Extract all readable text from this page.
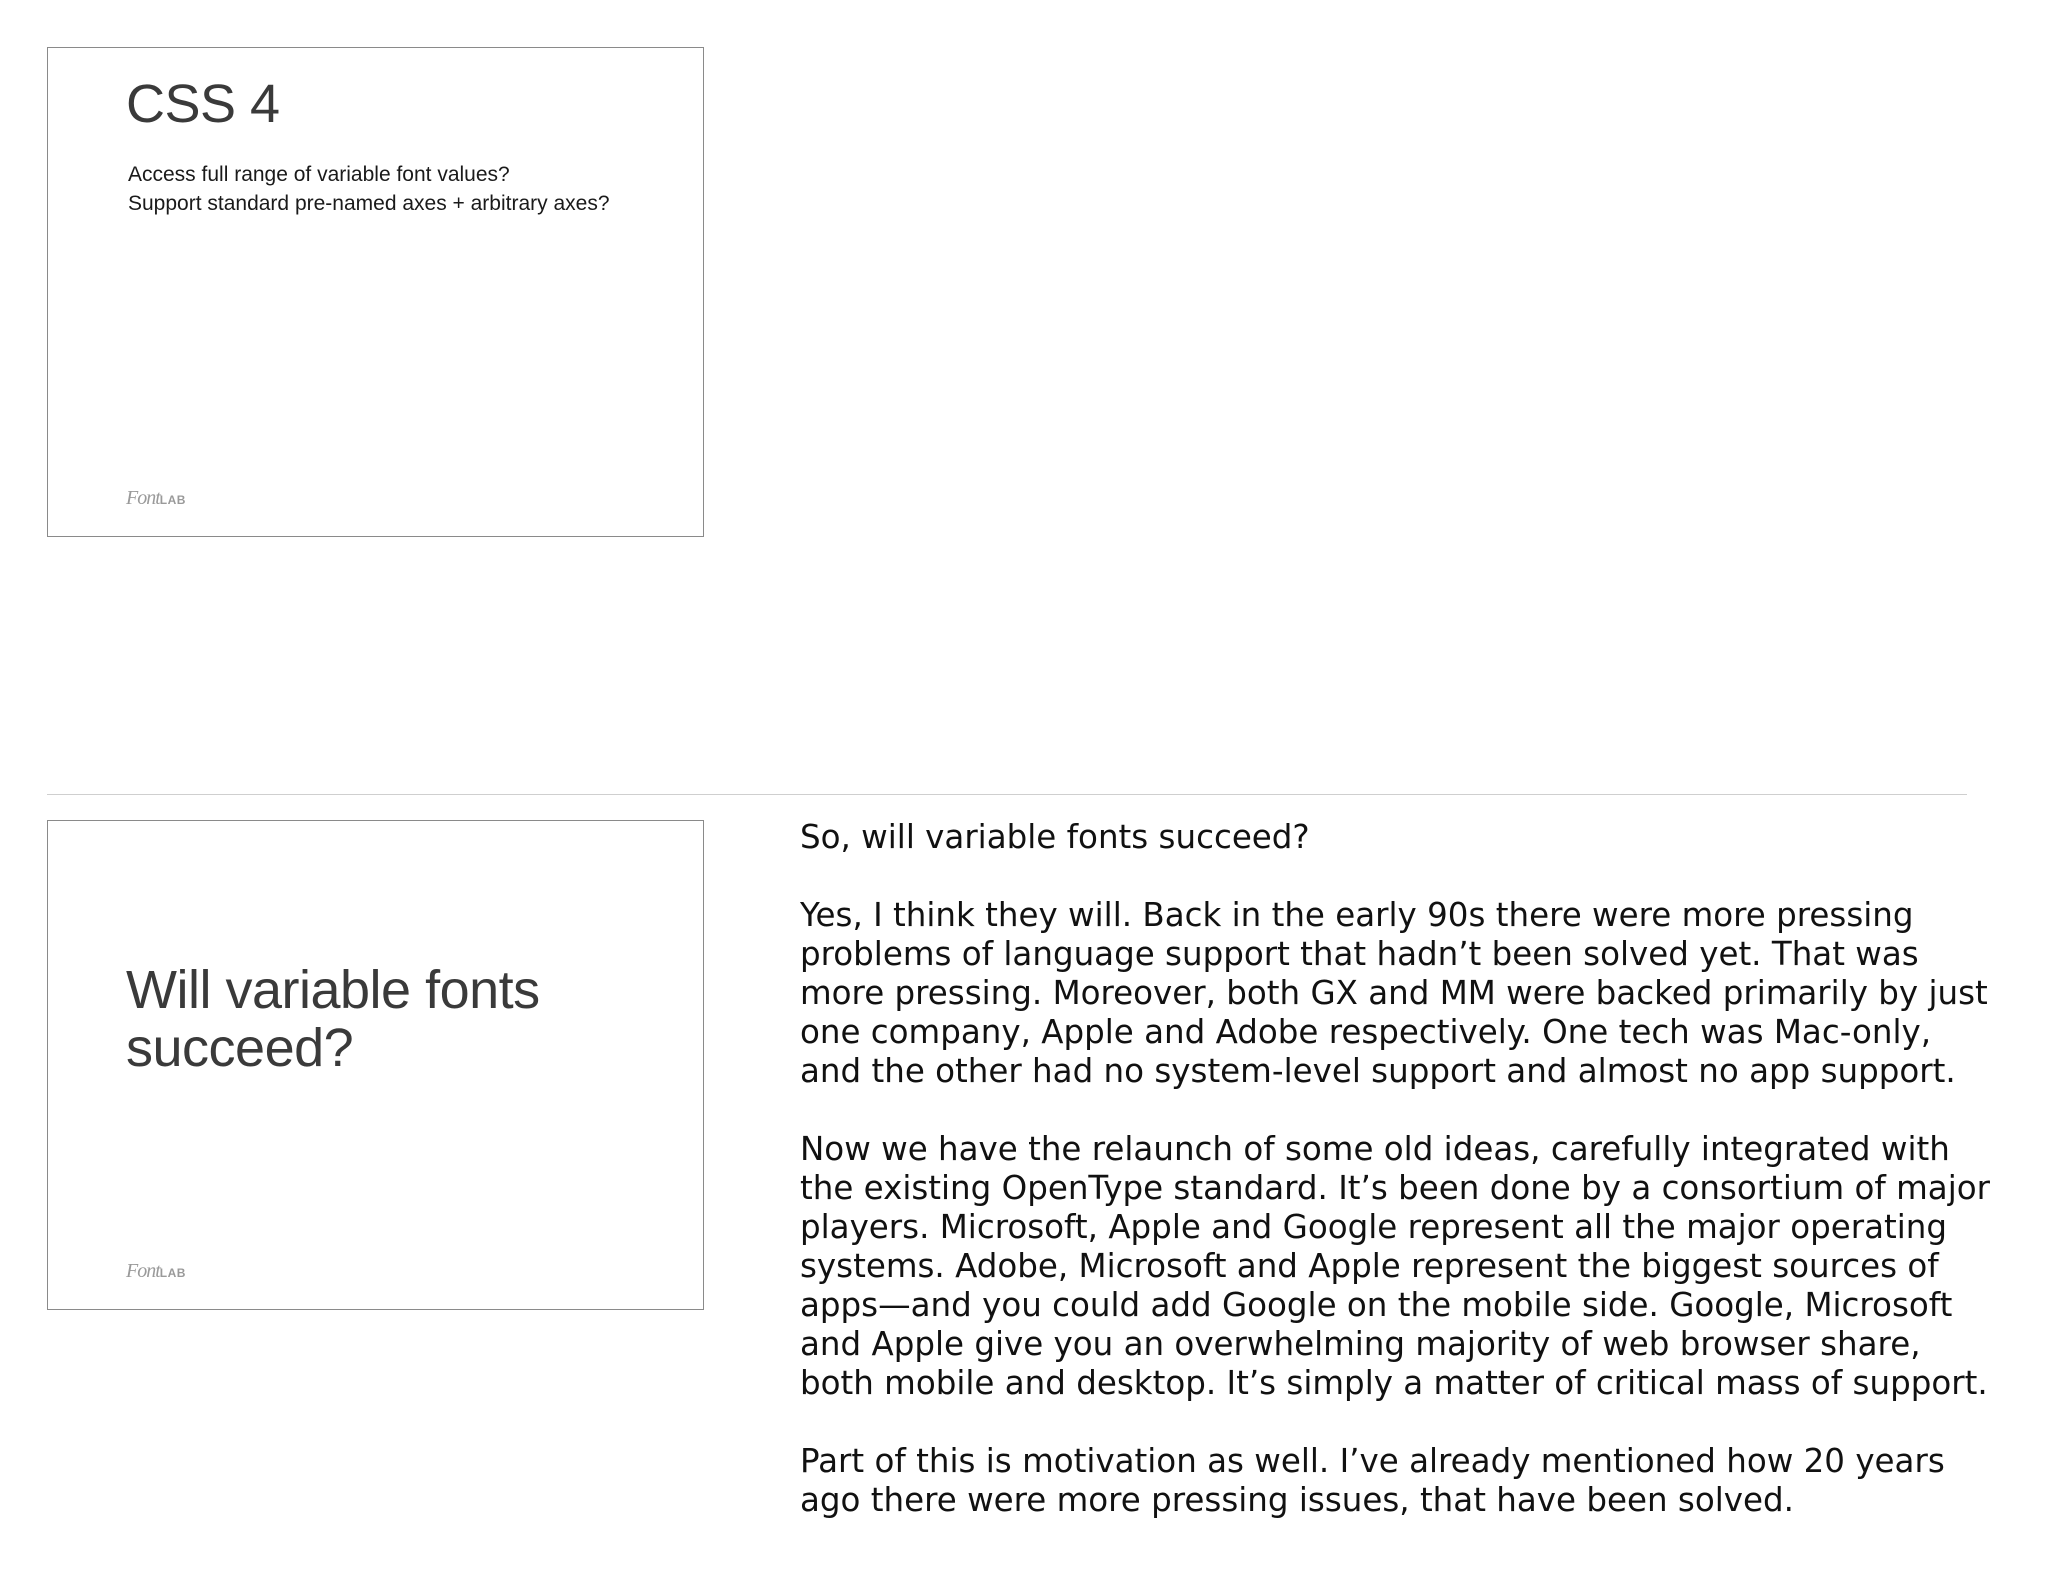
CSS 4
Access full range of variable font values?
Support standard pre-named axes + arbitrary axes?
FontLAB
Will variable fonts
succeed?
FontLAB

So, will variable fonts succeed?

Yes, I think they will. Back in the early 90s there were more pressing
problems of language support that hadn’t been solved yet. That was
more pressing. Moreover, both GX and MM were backed primarily by just
one company, Apple and Adobe respectively. One tech was Mac-only,
and the other had no system-level support and almost no app support.

Now we have the relaunch of some old ideas, carefully integrated with
the existing OpenType standard. It’s been done by a consortium of major
players. Microsoft, Apple and Google represent all the major operating
systems. Adobe, Microsoft and Apple represent the biggest sources of
apps—and you could add Google on the mobile side. Google, Microsoft
and Apple give you an overwhelming majority of web browser share,
both mobile and desktop. It’s simply a matter of critical mass of support.

Part of this is motivation as well. I’ve already mentioned how 20 years
ago there were more pressing issues, that have been solved.
